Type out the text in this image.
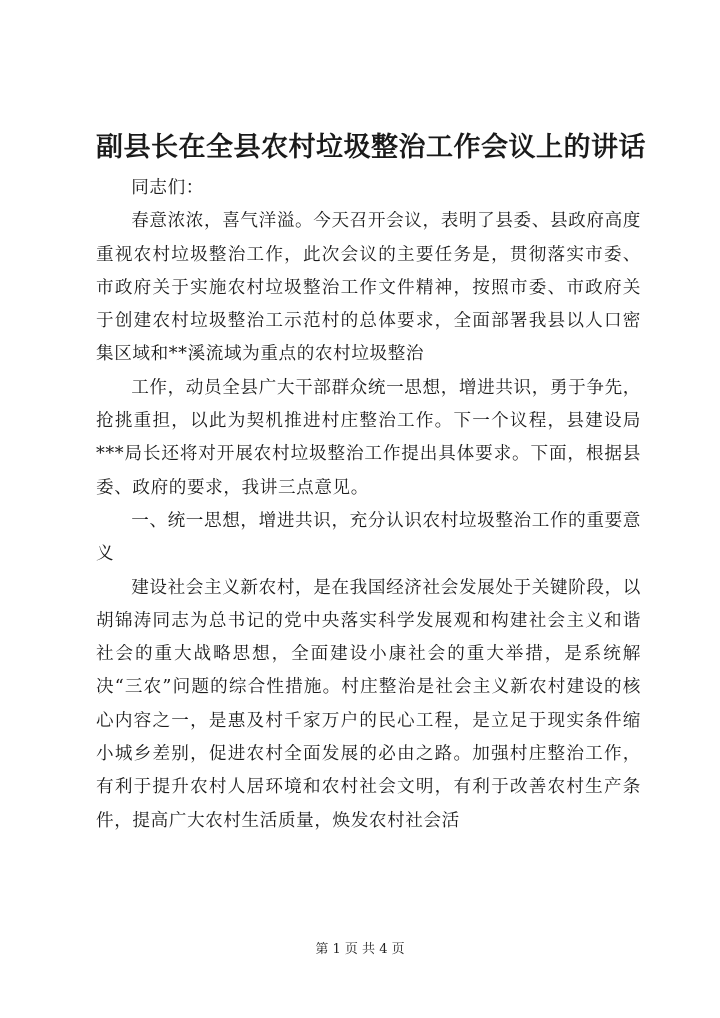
副县长在全县农村垃圾整治工作会议上的讲话

同志们：

春意浓浓，喜气洋溢。今天召开会议，表明了县委、县政府高度重视农村垃圾整治工作，此次会议的主要任务是，贯彻落实市委、市政府关于实施农村垃圾整治工作文件精神，按照市委、市政府关于创建农村垃圾整治工示范村的总体要求，全面部署我县以人口密集区域和**溪流域为重点的农村垃圾整治

工作，动员全县广大干部群众统一思想，增进共识，勇于争先，抢挑重担，以此为契机推进村庄整治工作。下一个议程，县建设局***局长还将对开展农村垃圾整治工作提出具体要求。下面，根据县委、政府的要求，我讲三点意见。

一、统一思想，增进共识，充分认识农村垃圾整治工作的重要意义

建设社会主义新农村，是在我国经济社会发展处于关键阶段，以胡锦涛同志为总书记的党中央落实科学发展观和构建社会主义和谐社会的重大战略思想，全面建设小康社会的重大举措，是系统解决“三农”问题的综合性措施。村庄整治是社会主义新农村建设的核心内容之一，是惠及村千家万户的民心工程，是立足于现实条件缩小城乡差别，促进农村全面发展的必由之路。加强村庄整治工作，有利于提升农村人居环境和农村社会文明，有利于改善农村生产条件，提高广大农村生活质量，焕发农村社会活

第 1 页 共 4 页
